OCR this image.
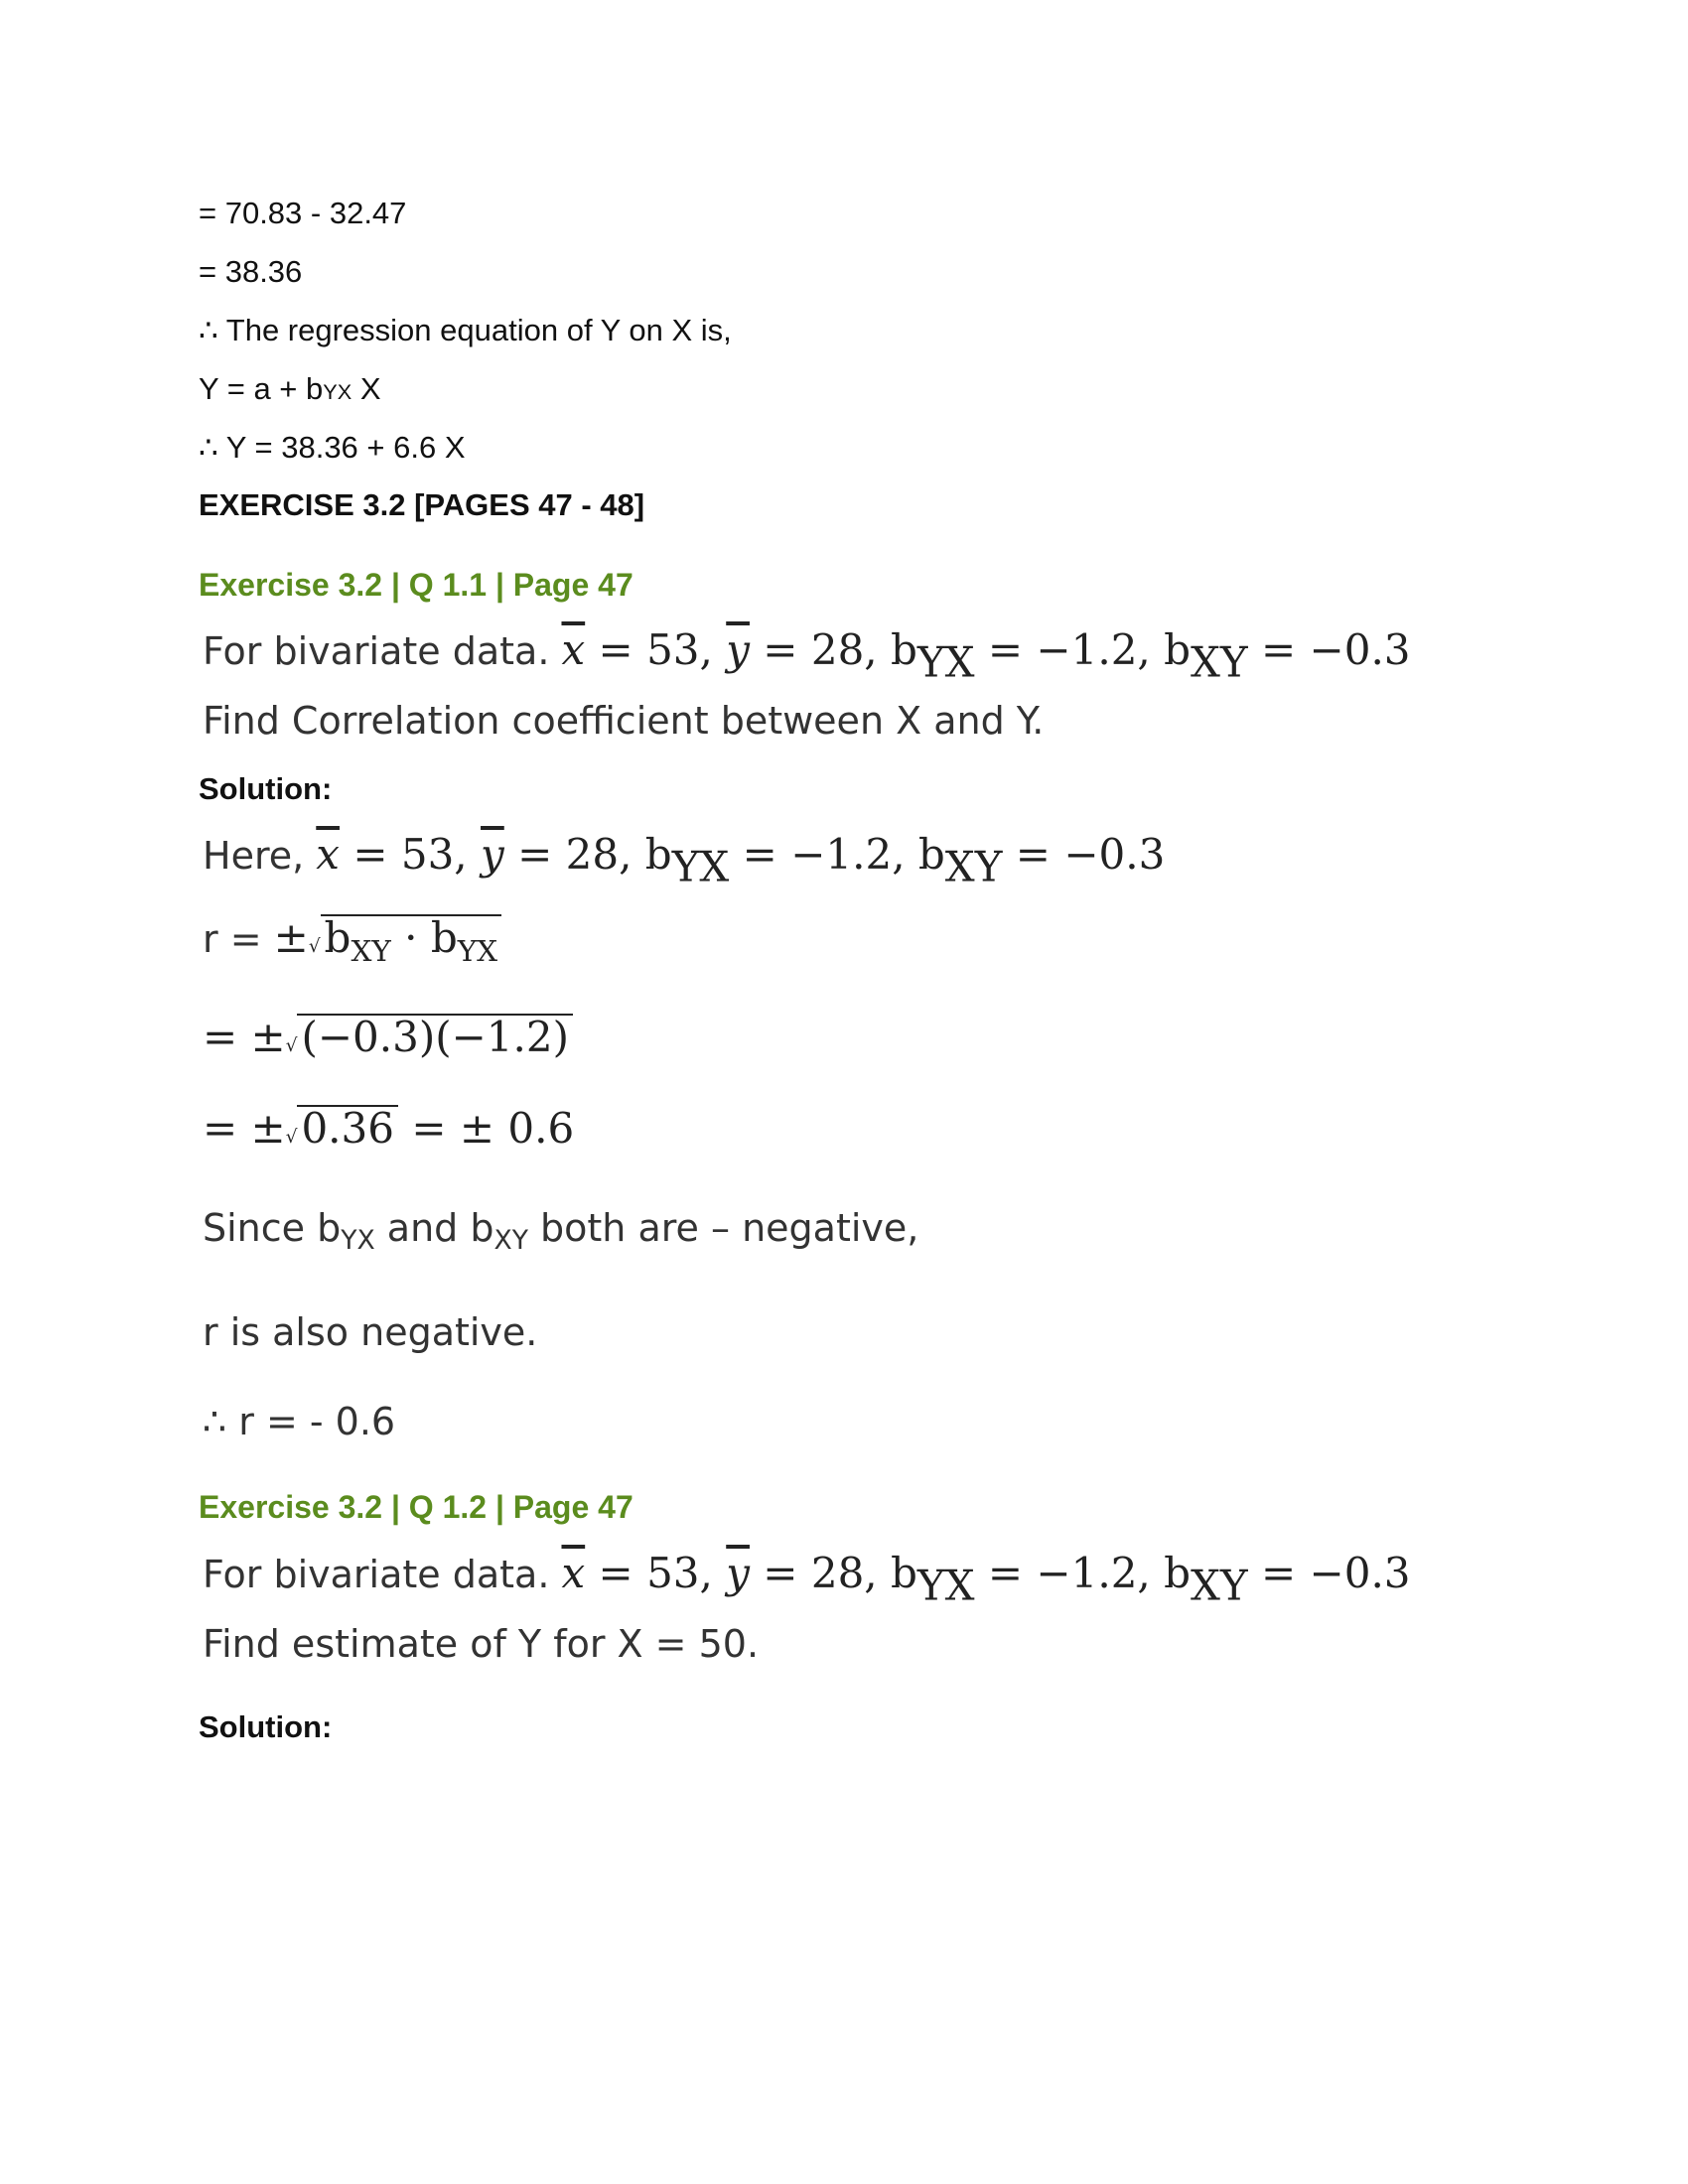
= 70.83 - 32.47
= 38.36
∴ The regression equation of Y on X is,
Y = a + bYX X
∴ Y = 38.36 + 6.6 X
EXERCISE 3.2 [PAGES 47 - 48]
Exercise 3.2 | Q 1.1 | Page 47
For bivariate data. $\overline{x} = 53$, $\overline{y} = 28$, $b_{YX} = -1.2$, $b_{XY} = -0.3$
Find Correlation coefficient between X and Y.
Solution:
Here, $\overline{x} = 53$, $\overline{y} = 28$, $b_{YX} = -1.2$, $b_{XY} = -0.3$
$r = \pm√b_{XY} \cdot b_{YX}$
= ±√(−0.3)(−1.2)
= ±√0.36 = ± 0.6
Since $b_{YX}$ and $b_{XY}$ both are – negative,
r is also negative.
∴ r = - 0.6
Exercise 3.2 | Q 1.2 | Page 47
For bivariate data. $\overline{x} = 53$, $\overline{y} = 28$, $b_{YX} = -1.2$, $b_{XY} = -0.3$
Find estimate of Y for X = 50.
Solution:
